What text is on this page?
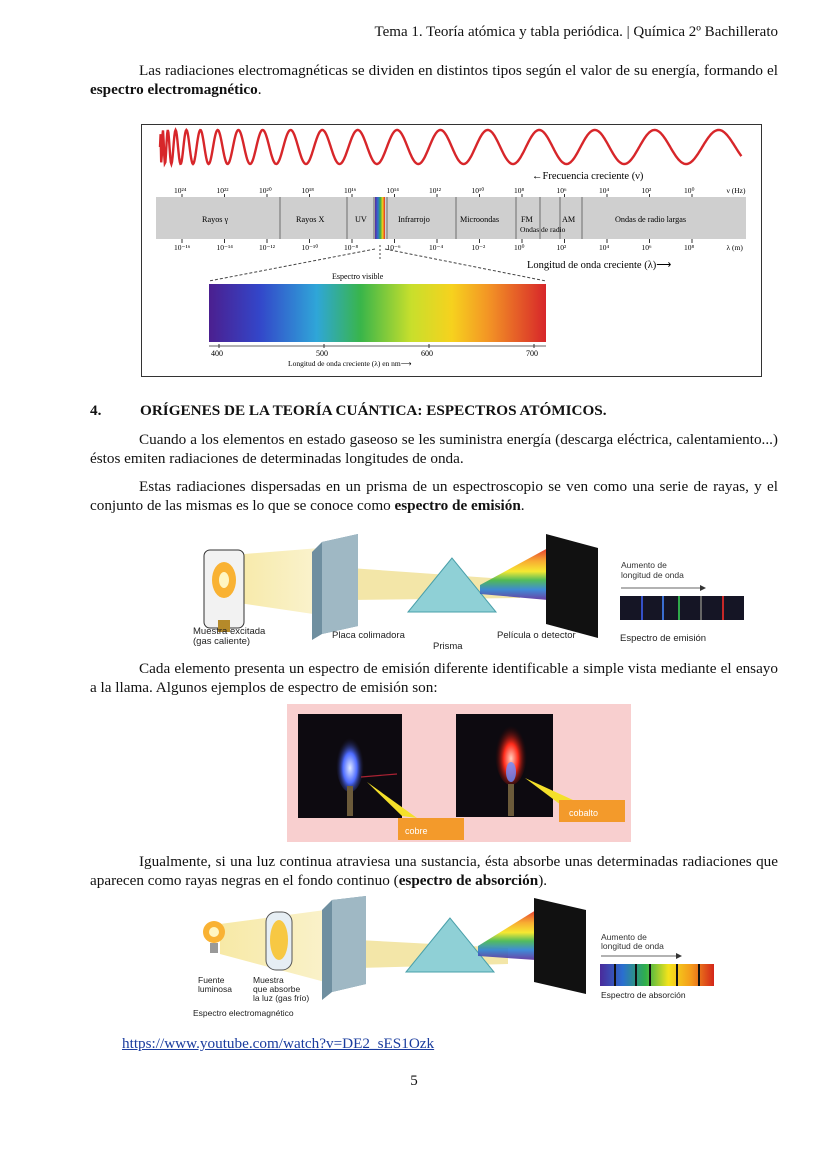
Tema 1. Teoría atómica y tabla periódica. | Química 2º Bachillerato

Las radiaciones electromagnéticas se dividen en distintos tipos según el valor de su energía, formando el espectro electromagnético.

←Frecuencia creciente (ν)
10²⁴	10²²	10²⁰	10¹⁸	10¹⁶	10¹⁴	10¹²	10¹⁰	10⁸	10⁶	10⁴	10²	10⁰	ν (Hz)
Rayos γ	Rayos X	UV	Infrarrojo	Microondas	FM	AM	Ondas de radio largas
Ondas de radio
10⁻¹⁶	10⁻¹⁴	10⁻¹²	10⁻¹⁰	10⁻⁸	10⁻⁶	10⁻⁴	10⁻²	10⁰	10²	10⁴	10⁶	10⁸	λ (m)
Longitud de onda creciente (λ)⟶
Espectro visible
400	500	600	700
Longitud de onda creciente (λ) en nm⟶
4.	ORÍGENES DE LA TEORÍA CUÁNTICA: ESPECTROS ATÓMICOS.

Cuando a los elementos en estado gaseoso se les suministra energía (descarga eléctrica, calentamiento...) éstos emiten radiaciones de determinadas longitudes de onda.

Estas radiaciones dispersadas en un prisma de un espectroscopio se ven como una serie de rayas, y el conjunto de las mismas es lo que se conoce como espectro de emisión.

Aumento de
longitud de onda
Muestra excitada
(gas caliente)
Placa colimadora
Prisma
Película o detector	Espectro de emisión

Cada elemento presenta un espectro de emisión diferente identificable a simple vista mediante el ensayo a la llama. Algunos ejemplos de espectro de emisión son:

cobre
cobalto

Igualmente, si una luz continua atraviesa una sustancia, ésta absorbe unas determinadas radiaciones que aparecen como rayas negras en el fondo continuo (espectro de absorción).

Aumento de
longitud de onda
Fuente
luminosa
Muestra
que absorbe
la luz (gas frío)	Espectro de absorción
Espectro electromagnético
https://www.youtube.com/watch?v=DE2_sES1Ozk
5
